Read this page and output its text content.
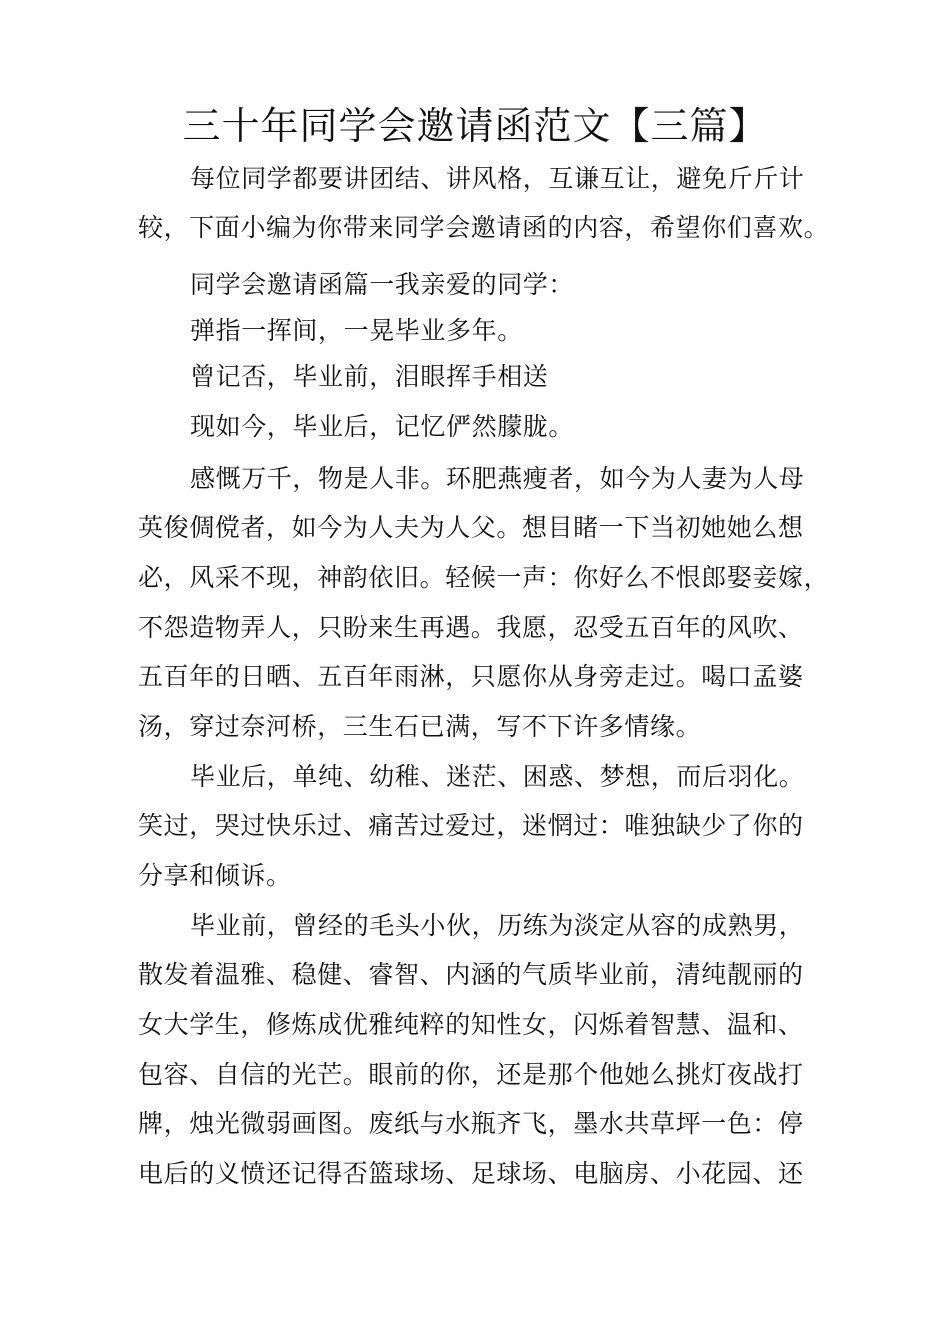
三十年同学会邀请函范文【三篇】

每位同学都要讲团结、讲风格，互谦互让，避免斤斤计

较，下面小编为你带来同学会邀请函的内容，希望你们喜欢。

同学会邀请函篇一我亲爱的同学：

弹指一挥间，一晃毕业多年。

曾记否，毕业前，泪眼挥手相送

现如今，毕业后，记忆俨然朦胧。

感慨万千，物是人非。环肥燕瘦者，如今为人妻为人母

英俊倜傥者，如今为人夫为人父。想目睹一下当初她她么想

必，风采不现，神韵依旧。轻候一声：你好么不恨郎娶妾嫁，

不怨造物弄人，只盼来生再遇。我愿，忍受五百年的风吹、

五百年的日晒、五百年雨淋，只愿你从身旁走过。喝口孟婆

汤，穿过奈河桥，三生石已满，写不下许多情缘。

毕业后，单纯、幼稚、迷茫、困惑、梦想，而后羽化。

笑过，哭过快乐过、痛苦过爱过，迷惘过：唯独缺少了你的

分享和倾诉。

毕业前，曾经的毛头小伙，历练为淡定从容的成熟男，

散发着温雅、稳健、睿智、内涵的气质毕业前，清纯靓丽的

女大学生，修炼成优雅纯粹的知性女，闪烁着智慧、温和、

包容、自信的光芒。眼前的你，还是那个他她么挑灯夜战打

牌，烛光微弱画图。废纸与水瓶齐飞，墨水共草坪一色：停

电后的义愤还记得否篮球场、足球场、电脑房、小花园、还
